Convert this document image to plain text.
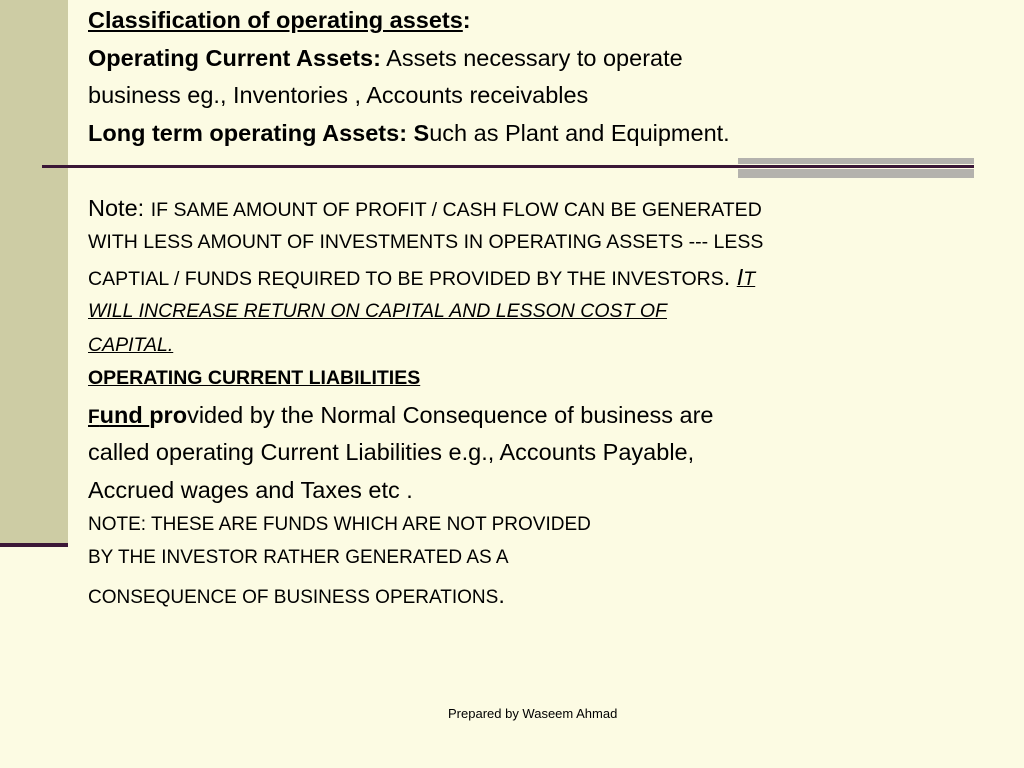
Classification of operating assets:
Operating Current Assets: Assets necessary to operate
business eg., Inventories , Accounts receivables
Long term operating Assets: Such as Plant and Equipment.
Note: IF SAME AMOUNT OF PROFIT / CASH FLOW CAN BE GENERATED
WITH LESS AMOUNT OF INVESTMENTS IN OPERATING ASSETS --- LESS
CAPTIAL / FUNDS REQUIRED TO BE PROVIDED BY THE INVESTORS. IT
WILL INCREASE RETURN ON CAPITAL AND LESSON COST OF
CAPITAL.
OPERATING CURRENT LIABILITIES
Fund provided by the Normal Consequence of business are
called operating Current Liabilities e.g., Accounts Payable,
Accrued wages and Taxes etc .
NOTE: THESE ARE FUNDS WHICH ARE NOT PROVIDED
BY THE INVESTOR RATHER GENERATED AS A
CONSEQUENCE OF BUSINESS OPERATIONS.
Prepared by Waseem Ahmad
